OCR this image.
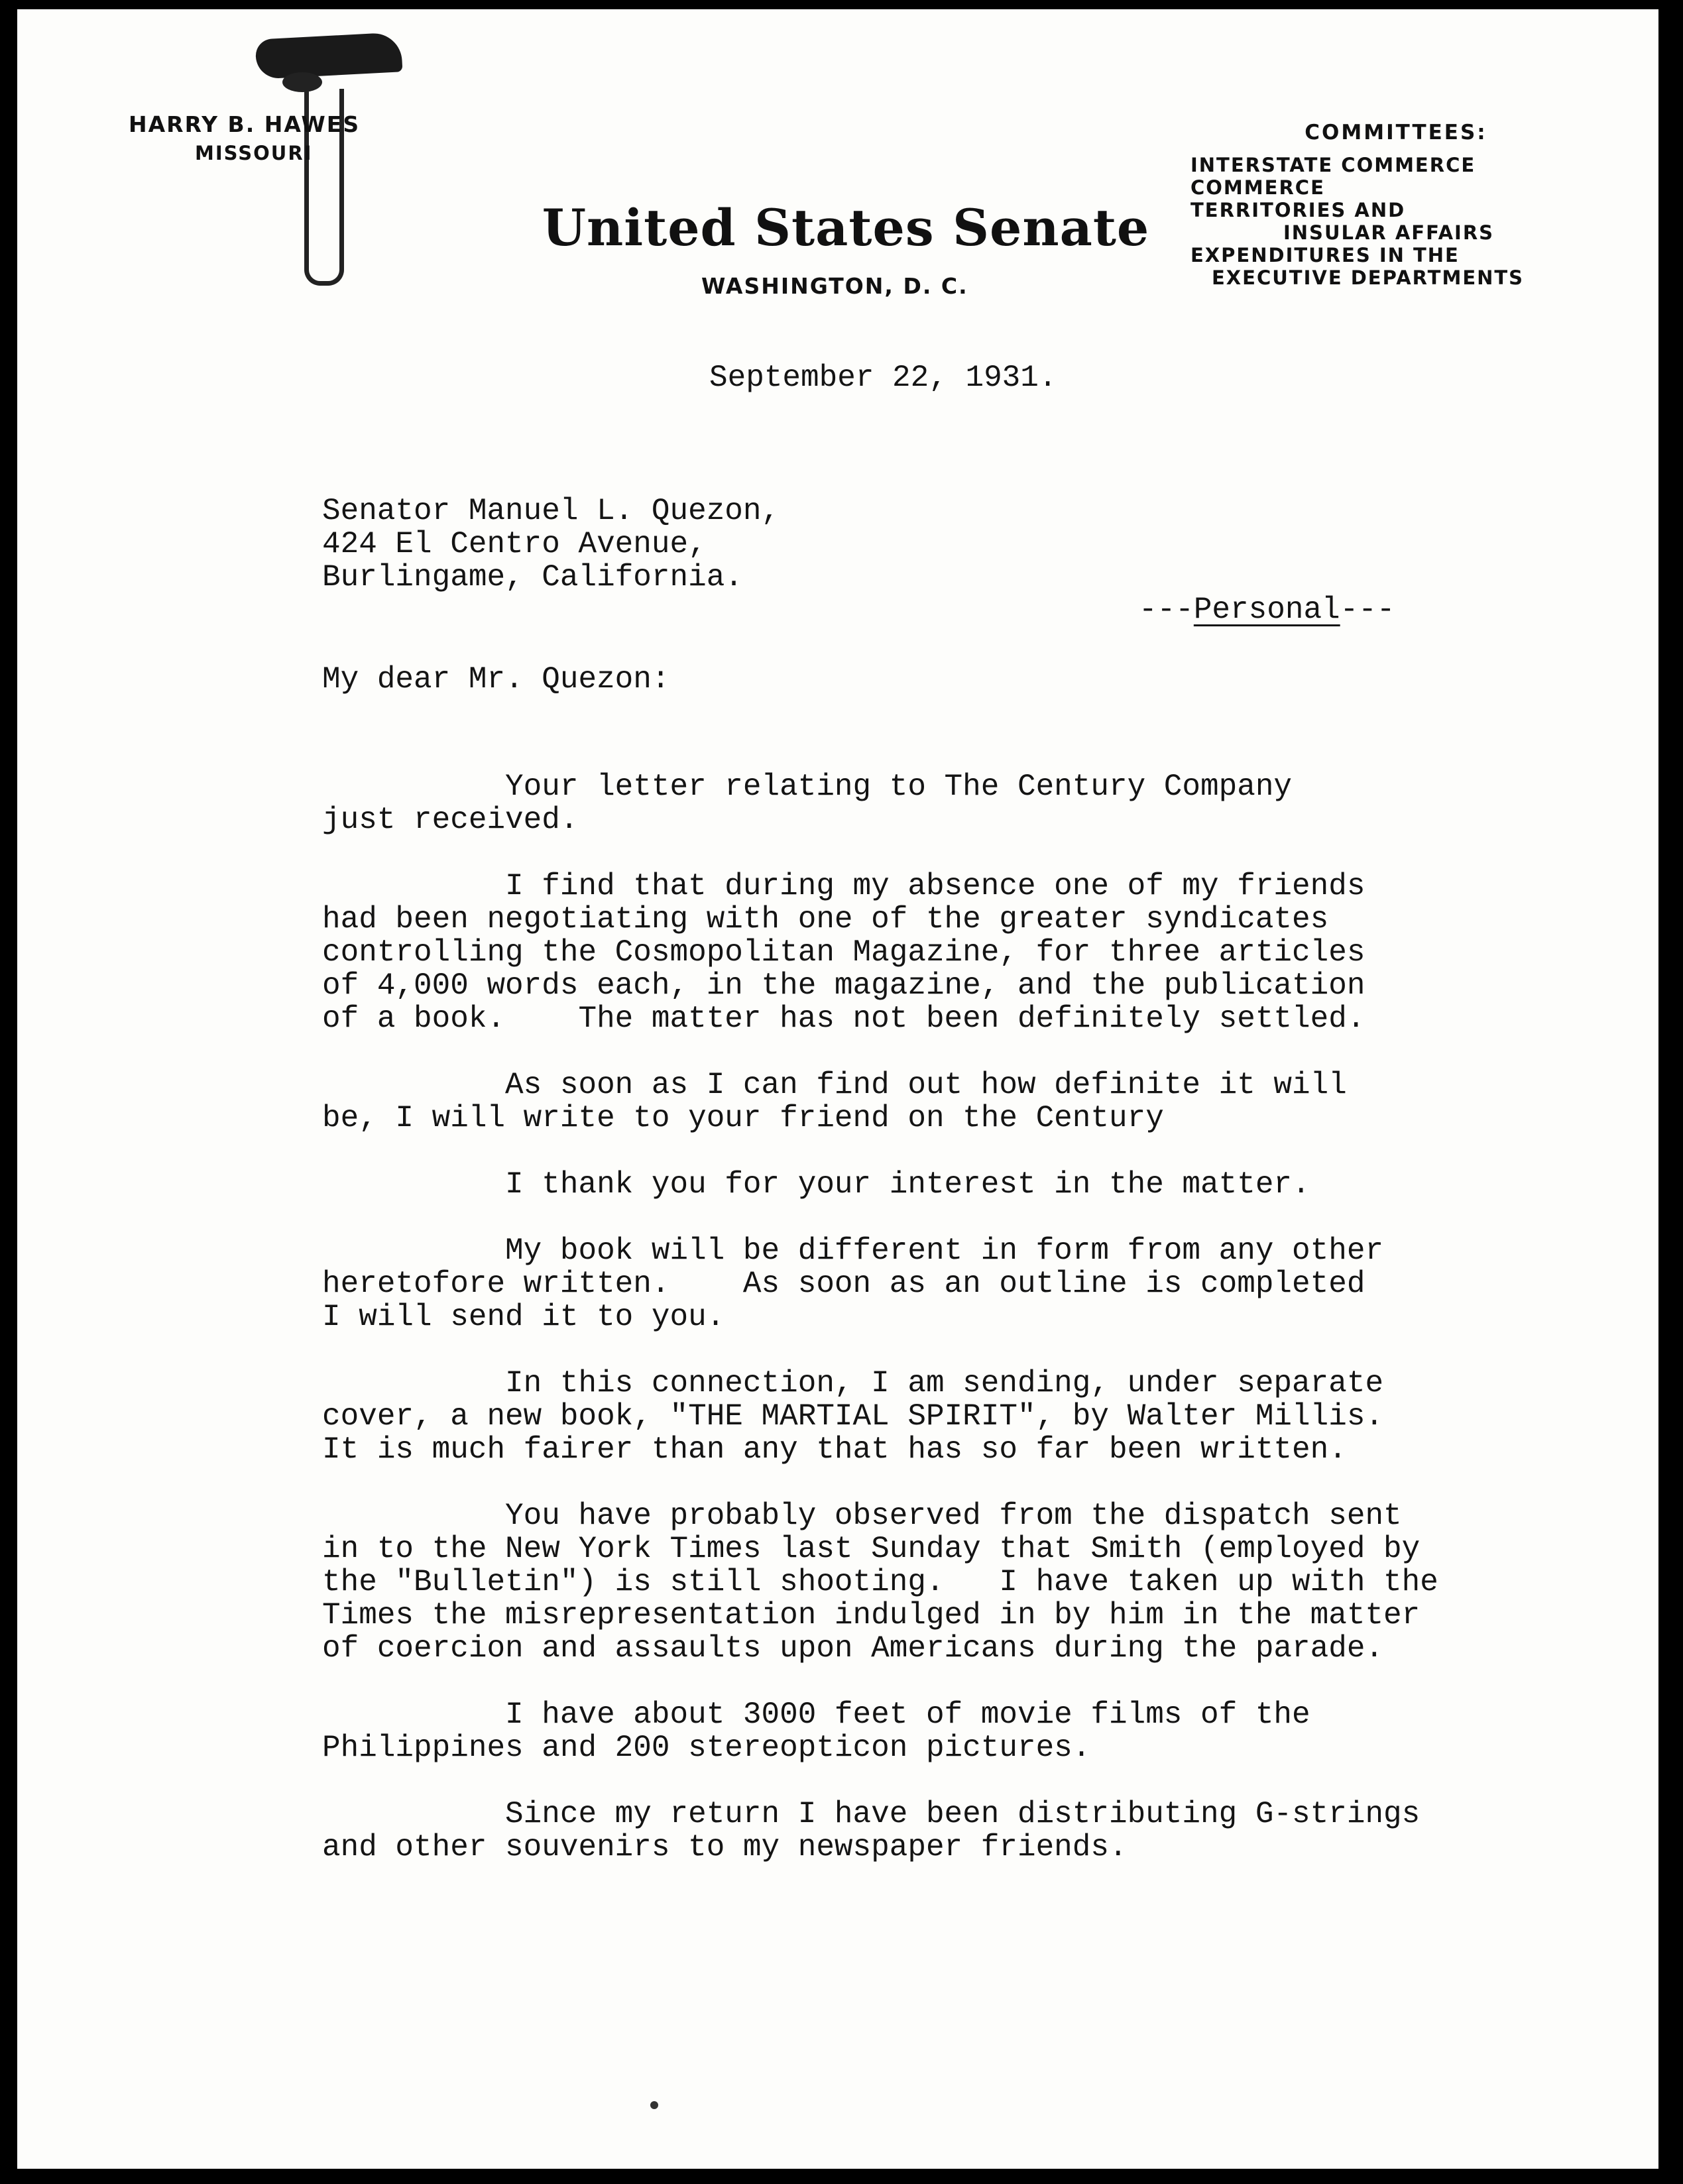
HARRY B. HAWES
MISSOURI
United States Senate
WASHINGTON, D. C.
COMMITTEES:
INTERSTATE COMMERCE
COMMERCE
TERRITORIES AND
INSULAR AFFAIRS
EXPENDITURES IN THE
EXECUTIVE DEPARTMENTS
September 22, 1931.
Senator Manuel L. Quezon,
424 El Centro Avenue,
Burlingame, California.
---Personal---
My dear Mr. Quezon:
Your letter relating to The Century Company
just received.
I find that during my absence one of my friends
had been negotiating with one of the greater syndicates
controlling the Cosmopolitan Magazine, for three articles
of 4,000 words each, in the magazine, and the publication
of a book.    The matter has not been definitely settled.
As soon as I can find out how definite it will
be, I will write to your friend on the Century
I thank you for your interest in the matter.
My book will be different in form from any other
heretofore written.    As soon as an outline is completed
I will send it to you.
In this connection, I am sending, under separate
cover, a new book, "THE MARTIAL SPIRIT", by Walter Millis.
It is much fairer than any that has so far been written.
You have probably observed from the dispatch sent
in to the New York Times last Sunday that Smith (employed by
the "Bulletin") is still shooting.   I have taken up with the
Times the misrepresentation indulged in by him in the matter
of coercion and assaults upon Americans during the parade.
I have about 3000 feet of movie films of the
Philippines and 200 stereopticon pictures.
Since my return I have been distributing G-strings
and other souvenirs to my newspaper friends.
